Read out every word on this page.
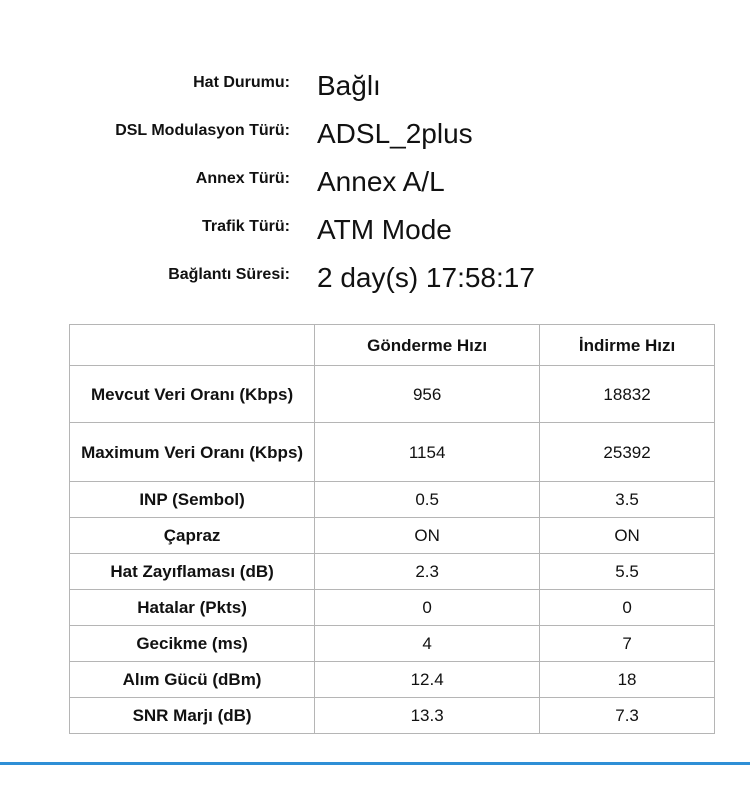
Hat Durumu: Bağlı
DSL Modulasyon Türü: ADSL_2plus
Annex Türü: Annex A/L
Trafik Türü: ATM Mode
Bağlantı Süresi: 2 day(s) 17:58:17
	Gönderme Hızı	İndirme Hızı
Mevcut Veri Oranı (Kbps)	956	18832
Maximum Veri Oranı (Kbps)	1154	25392
INP (Sembol)	0.5	3.5
Çapraz	ON	ON
Hat Zayıflaması (dB)	2.3	5.5
Hatalar (Pkts)	0	0
Gecikme (ms)	4	7
Alım Gücü (dBm)	12.4	18
SNR Marjı (dB)	13.3	7.3
